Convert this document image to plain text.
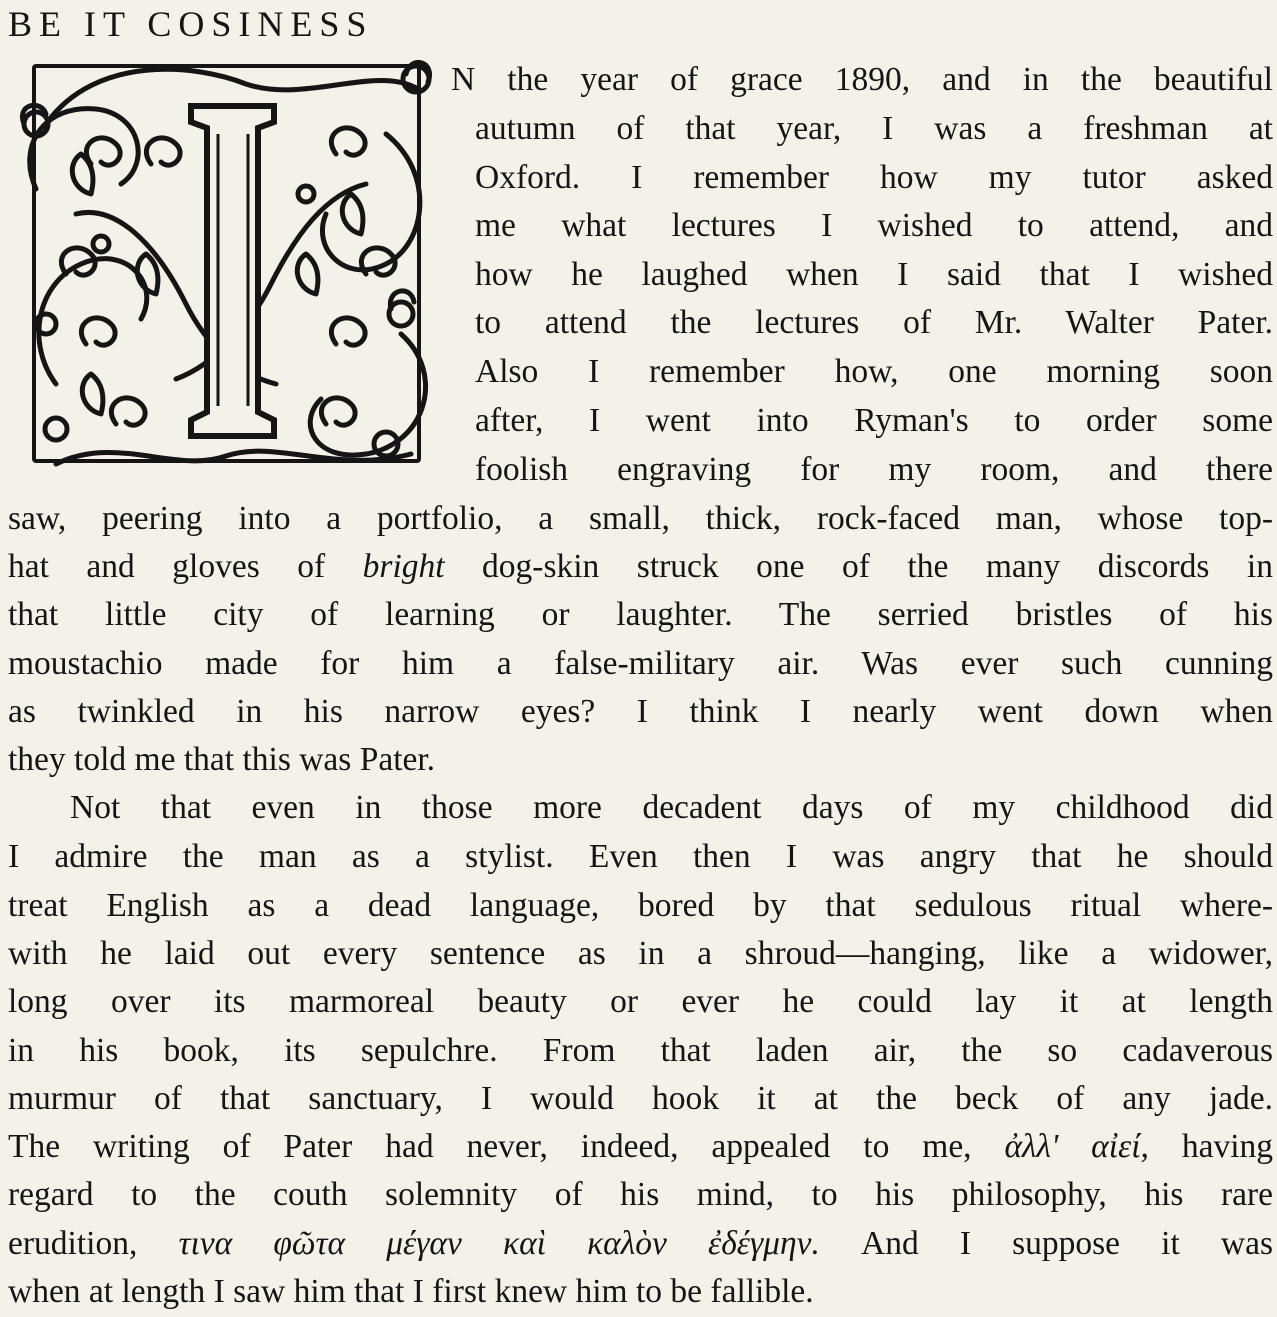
BE IT COSINESS
N the year of grace 1890, and in the beautiful
autumn of that year, I was a freshman at
Oxford. I remember how my tutor asked
me what lectures I wished to attend, and
how he laughed when I said that I wished
to attend the lectures of Mr. Walter Pater.
Also I remember how, one morning soon
after, I went into Ryman's to order some
foolish engraving for my room, and there
saw, peering into a portfolio, a small, thick, rock-faced man, whose top-
hat and gloves of bright dog-skin struck one of the many discords in
that little city of learning or laughter. The serried bristles of his
moustachio made for him a false-military air. Was ever such cunning
as twinkled in his narrow eyes? I think I nearly went down when
they told me that this was Pater.
Not that even in those more decadent days of my childhood did
I admire the man as a stylist. Even then I was angry that he should
treat English as a dead language, bored by that sedulous ritual where-
with he laid out every sentence as in a shroud—hanging, like a widower,
long over its marmoreal beauty or ever he could lay it at length
in his book, its sepulchre. From that laden air, the so cadaverous
murmur of that sanctuary, I would hook it at the beck of any jade.
The writing of Pater had never, indeed, appealed to me, ἀλλ' αἰεί, having
regard to the couth solemnity of his mind, to his philosophy, his rare
erudition, τινα φῶτα μέγαν καὶ καλὸν ἐδέγμην. And I suppose it was
when at length I saw him that I first knew him to be fallible.
